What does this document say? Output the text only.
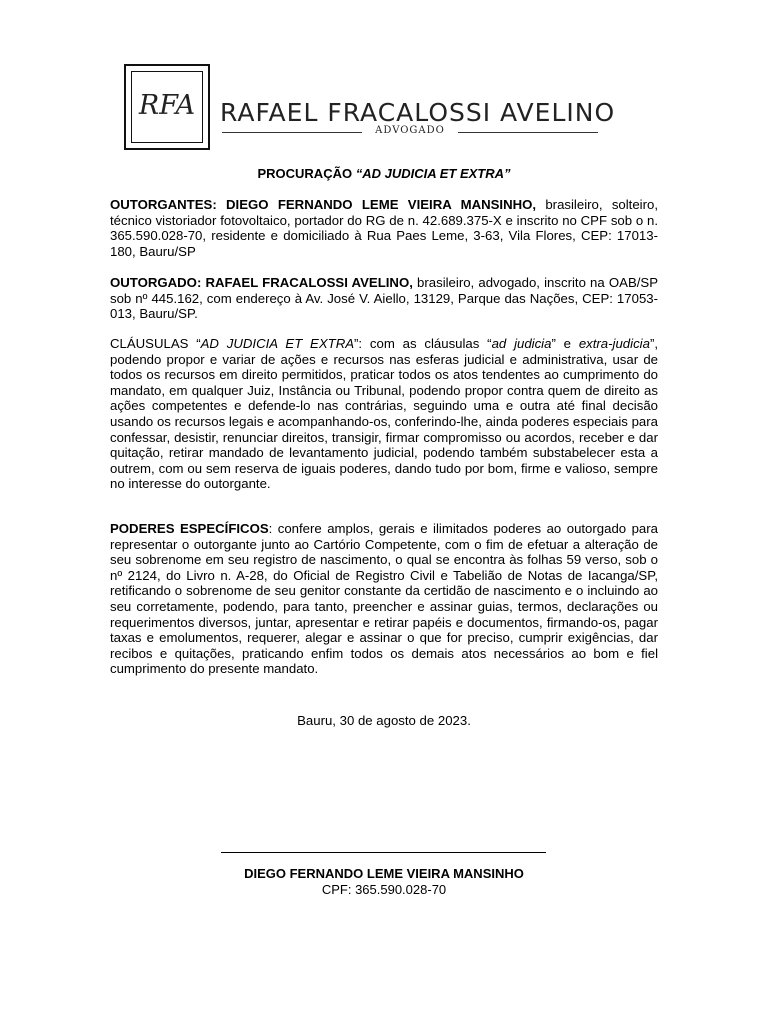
RFA RAFAEL FRACALOSSI AVELINO
ADVOGADO
PROCURAÇÃO “AD JUDICIA ET EXTRA”
OUTORGANTES: DIEGO FERNANDO LEME VIEIRA MANSINHO, brasileiro, solteiro, técnico vistoriador fotovoltaico, portador do RG de n. 42.689.375-X e inscrito no CPF sob o n. 365.590.028-70, residente e domiciliado à Rua Paes Leme, 3-63, Vila Flores, CEP: 17013-180, Bauru/SP
OUTORGADO: RAFAEL FRACALOSSI AVELINO, brasileiro, advogado, inscrito na OAB/SP sob nº 445.162, com endereço à Av. José V. Aiello, 13129, Parque das Nações, CEP: 17053-013, Bauru/SP.
CLÁUSULAS “AD JUDICIA ET EXTRA”: com as cláusulas “ad judicia” e extra-judicia”, podendo propor e variar de ações e recursos nas esferas judicial e administrativa, usar de todos os recursos em direito permitidos, praticar todos os atos tendentes ao cumprimento do mandato, em qualquer Juiz, Instância ou Tribunal, podendo propor contra quem de direito as ações competentes e defende-lo nas contrárias, seguindo uma e outra até final decisão usando os recursos legais e acompanhando-os, conferindo-lhe, ainda poderes especiais para confessar, desistir, renunciar direitos, transigir, firmar compromisso ou acordos, receber e dar quitação, retirar mandado de levantamento judicial, podendo também substabelecer esta a outrem, com ou sem reserva de iguais poderes, dando tudo por bom, firme e valioso, sempre no interesse do outorgante.
PODERES ESPECÍFICOS: confere amplos, gerais e ilimitados poderes ao outorgado para representar o outorgante junto ao Cartório Competente, com o fim de efetuar a alteração de seu sobrenome em seu registro de nascimento, o qual se encontra às folhas 59 verso, sob o nº 2124, do Livro n. A-28, do Oficial de Registro Civil e Tabelião de Notas de Iacanga/SP, retificando o sobrenome de seu genitor constante da certidão de nascimento e o incluindo ao seu corretamente, podendo, para tanto, preencher e assinar guias, termos, declarações ou requerimentos diversos, juntar, apresentar e retirar papéis e documentos, firmando-os, pagar taxas e emolumentos, requerer, alegar e assinar o que for preciso, cumprir exigências, dar recibos e quitações, praticando enfim todos os demais atos necessários ao bom e fiel cumprimento do presente mandato.
Bauru, 30 de agosto de 2023.
DIEGO FERNANDO LEME VIEIRA MANSINHO
CPF: 365.590.028-70
